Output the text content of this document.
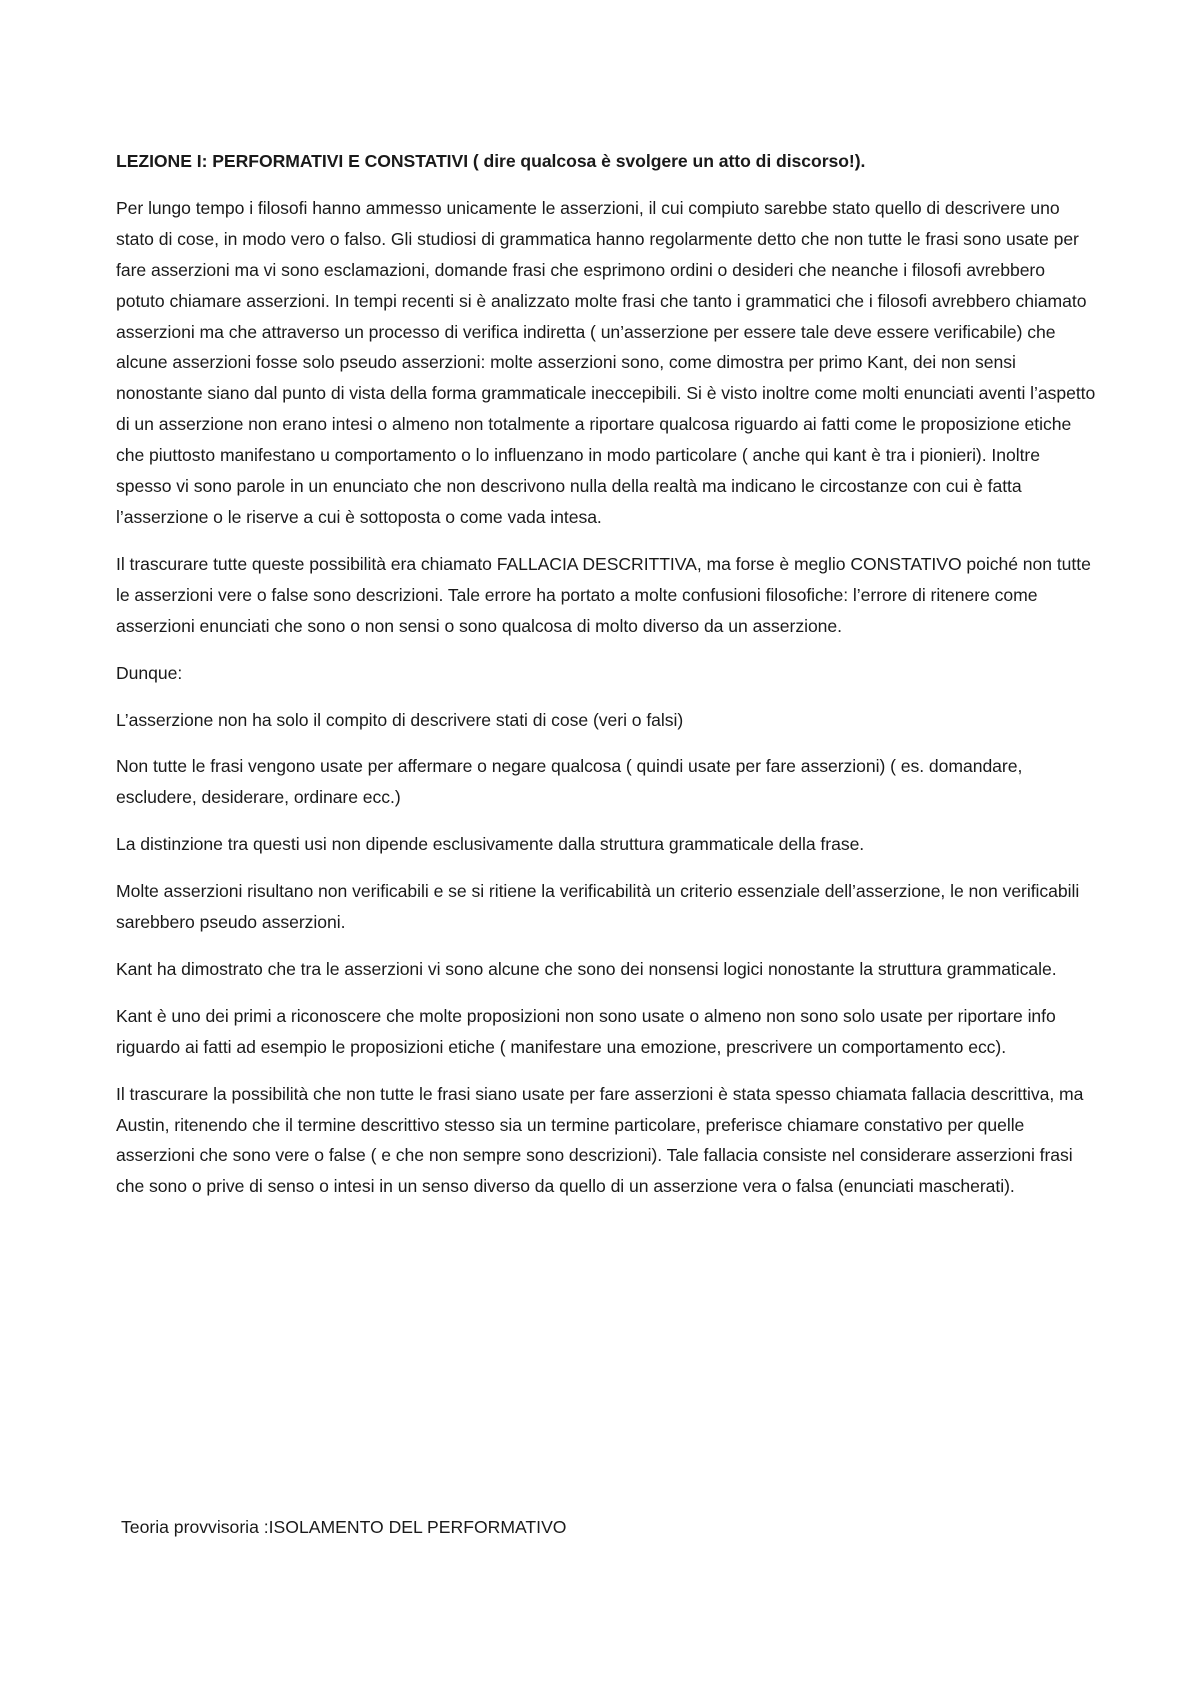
LEZIONE I: PERFORMATIVI E CONSTATIVI ( dire qualcosa è svolgere un atto di discorso!).

Per lungo tempo i filosofi hanno ammesso unicamente le asserzioni, il cui compiuto sarebbe stato quello di descrivere uno stato di cose, in modo vero o falso. Gli studiosi di grammatica hanno regolarmente detto che non tutte le frasi sono usate per fare asserzioni ma vi sono esclamazioni, domande frasi che esprimono ordini o desideri che neanche i filosofi avrebbero potuto chiamare asserzioni. In tempi recenti si è analizzato molte frasi che tanto i grammatici che i filosofi avrebbero chiamato asserzioni ma che attraverso un processo di verifica indiretta ( un’asserzione per essere tale deve essere verificabile) che alcune asserzioni fosse solo pseudo asserzioni: molte asserzioni sono, come dimostra per primo Kant, dei non sensi nonostante siano dal punto di vista della forma grammaticale ineccepibili. Si è visto inoltre come molti enunciati aventi l’aspetto di un asserzione non erano intesi o almeno non totalmente a riportare qualcosa riguardo ai fatti come le proposizione etiche che piuttosto manifestano u comportamento o lo influenzano in modo particolare ( anche qui kant è tra i pionieri). Inoltre spesso vi sono parole in un enunciato che non descrivono nulla della realtà ma indicano le circostanze con cui è fatta l’asserzione o le riserve a cui è sottoposta o come vada intesa.

Il trascurare tutte queste possibilità era chiamato FALLACIA DESCRITTIVA, ma forse è meglio CONSTATIVO poiché non tutte le asserzioni vere o false sono descrizioni. Tale errore ha portato a molte confusioni filosofiche: l’errore di ritenere come asserzioni enunciati che sono o non sensi o sono qualcosa di molto diverso da un asserzione.

Dunque:

L’asserzione non ha solo il compito di descrivere stati di cose (veri o falsi)

Non tutte le frasi vengono usate per affermare o negare qualcosa ( quindi usate per fare asserzioni) ( es. domandare, escludere, desiderare, ordinare ecc.)

La distinzione tra questi usi non dipende esclusivamente dalla struttura grammaticale della frase.

Molte asserzioni risultano non verificabili e se si ritiene la verificabilità un criterio essenziale dell’asserzione, le non verificabili sarebbero pseudo asserzioni.

Kant ha dimostrato che tra le asserzioni vi sono alcune che sono dei nonsensi logici nonostante la struttura grammaticale.

Kant è uno dei primi a riconoscere che molte proposizioni non sono usate o almeno non sono solo usate per riportare info riguardo ai fatti ad esempio le proposizioni etiche ( manifestare una emozione, prescrivere un comportamento ecc).

Il trascurare la possibilità che non tutte le frasi siano usate per fare asserzioni è stata spesso chiamata fallacia descrittiva, ma Austin, ritenendo che il termine descrittivo stesso sia un termine particolare, preferisce chiamare constativo per quelle asserzioni che sono vere o false ( e che non sempre sono descrizioni). Tale fallacia consiste nel considerare asserzioni frasi che sono o prive di senso o intesi in un senso diverso da quello di un asserzione vera o falsa (enunciati mascherati).

Teoria provvisoria :ISOLAMENTO DEL PERFORMATIVO
